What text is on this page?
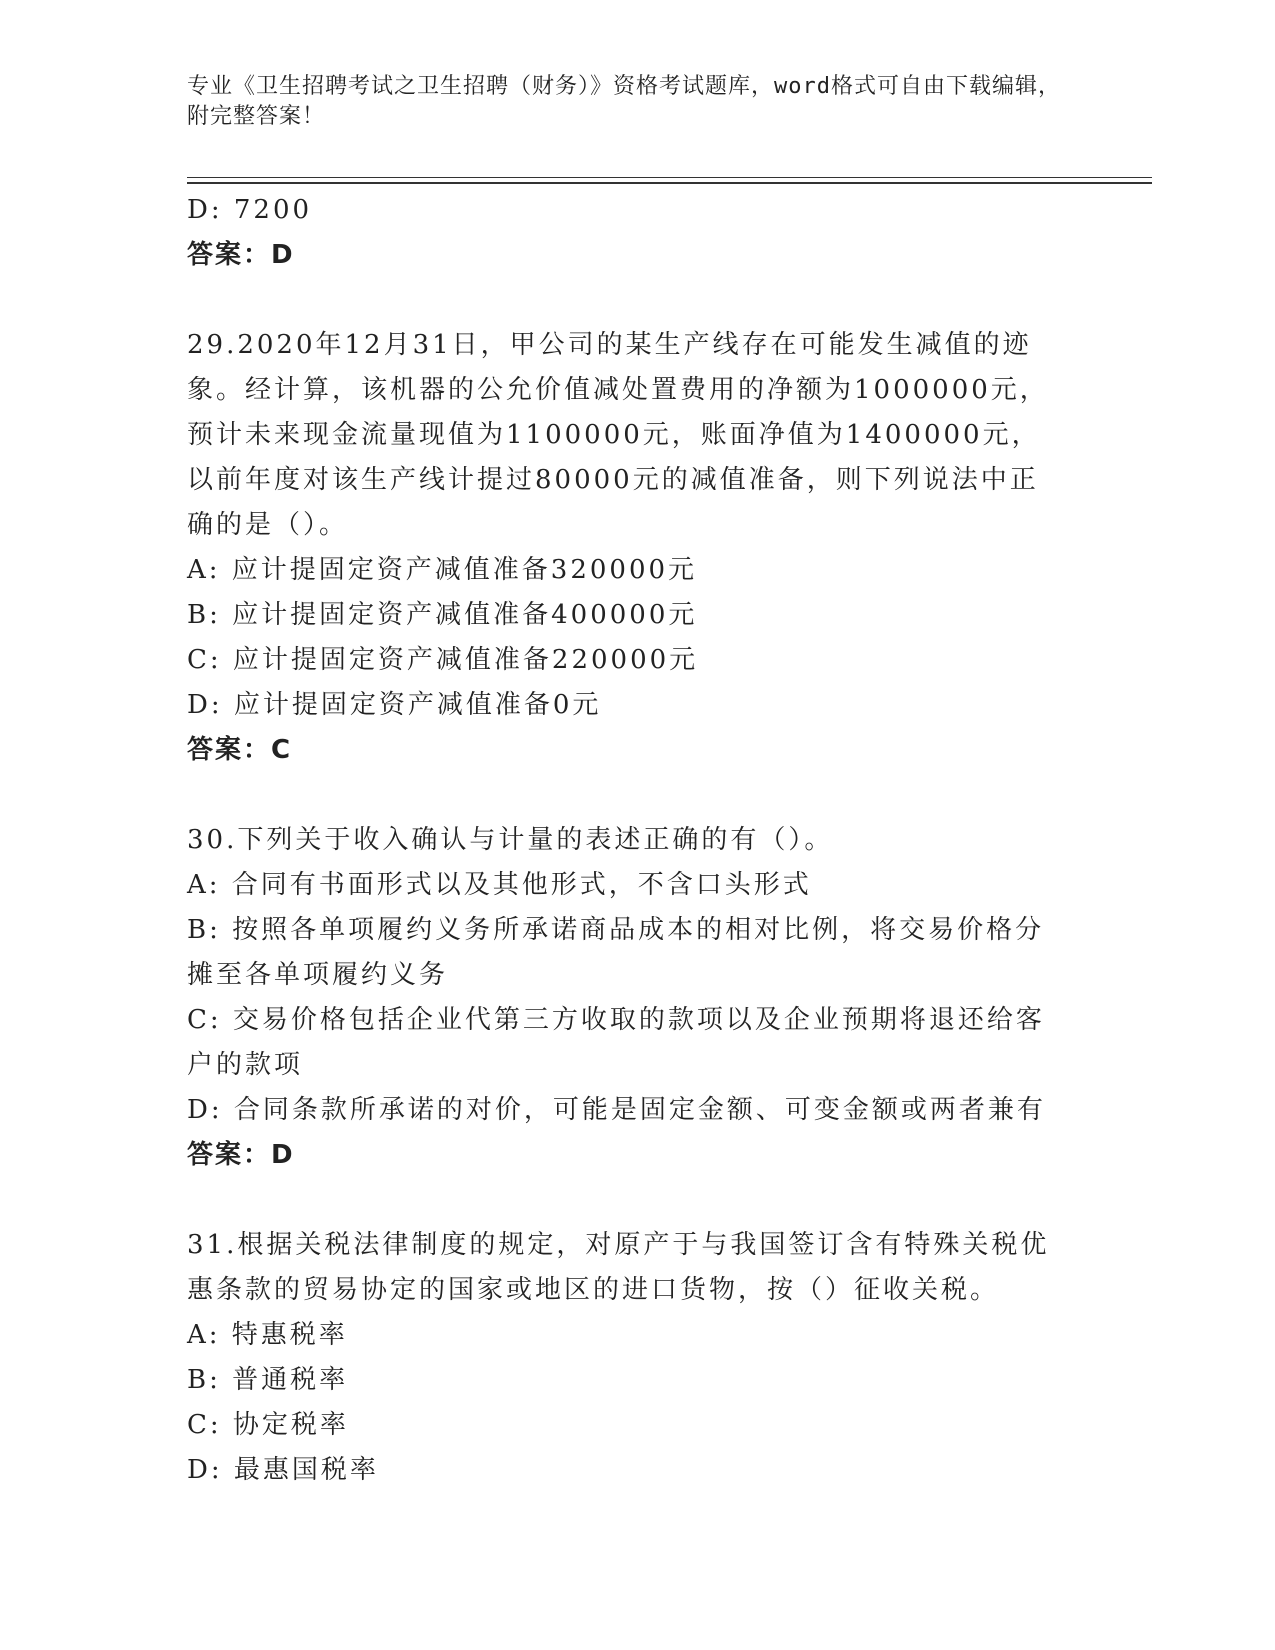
专业《卫生招聘考试之卫生招聘（财务）》资格考试题库，word格式可自由下载编辑，附完整答案！

D: 7200

答案：D

29.2020年12月31日，甲公司的某生产线存在可能发生减值的迹象。经计算，该机器的公允价值减处置费用的净额为1000000元，预计未来现金流量现值为1100000元，账面净值为1400000元，以前年度对该生产线计提过80000元的减值准备，则下列说法中正确的是（）。

A: 应计提固定资产减值准备320000元

B: 应计提固定资产减值准备400000元

C: 应计提固定资产减值准备220000元

D: 应计提固定资产减值准备0元

答案：C

30.下列关于收入确认与计量的表述正确的有（）。

A: 合同有书面形式以及其他形式，不含口头形式

B: 按照各单项履约义务所承诺商品成本的相对比例，将交易价格分摊至各单项履约义务

C: 交易价格包括企业代第三方收取的款项以及企业预期将退还给客户的款项

D: 合同条款所承诺的对价，可能是固定金额、可变金额或两者兼有

答案：D

31.根据关税法律制度的规定，对原产于与我国签订含有特殊关税优惠条款的贸易协定的国家或地区的进口货物，按（）征收关税。

A: 特惠税率

B: 普通税率

C: 协定税率

D: 最惠国税率
